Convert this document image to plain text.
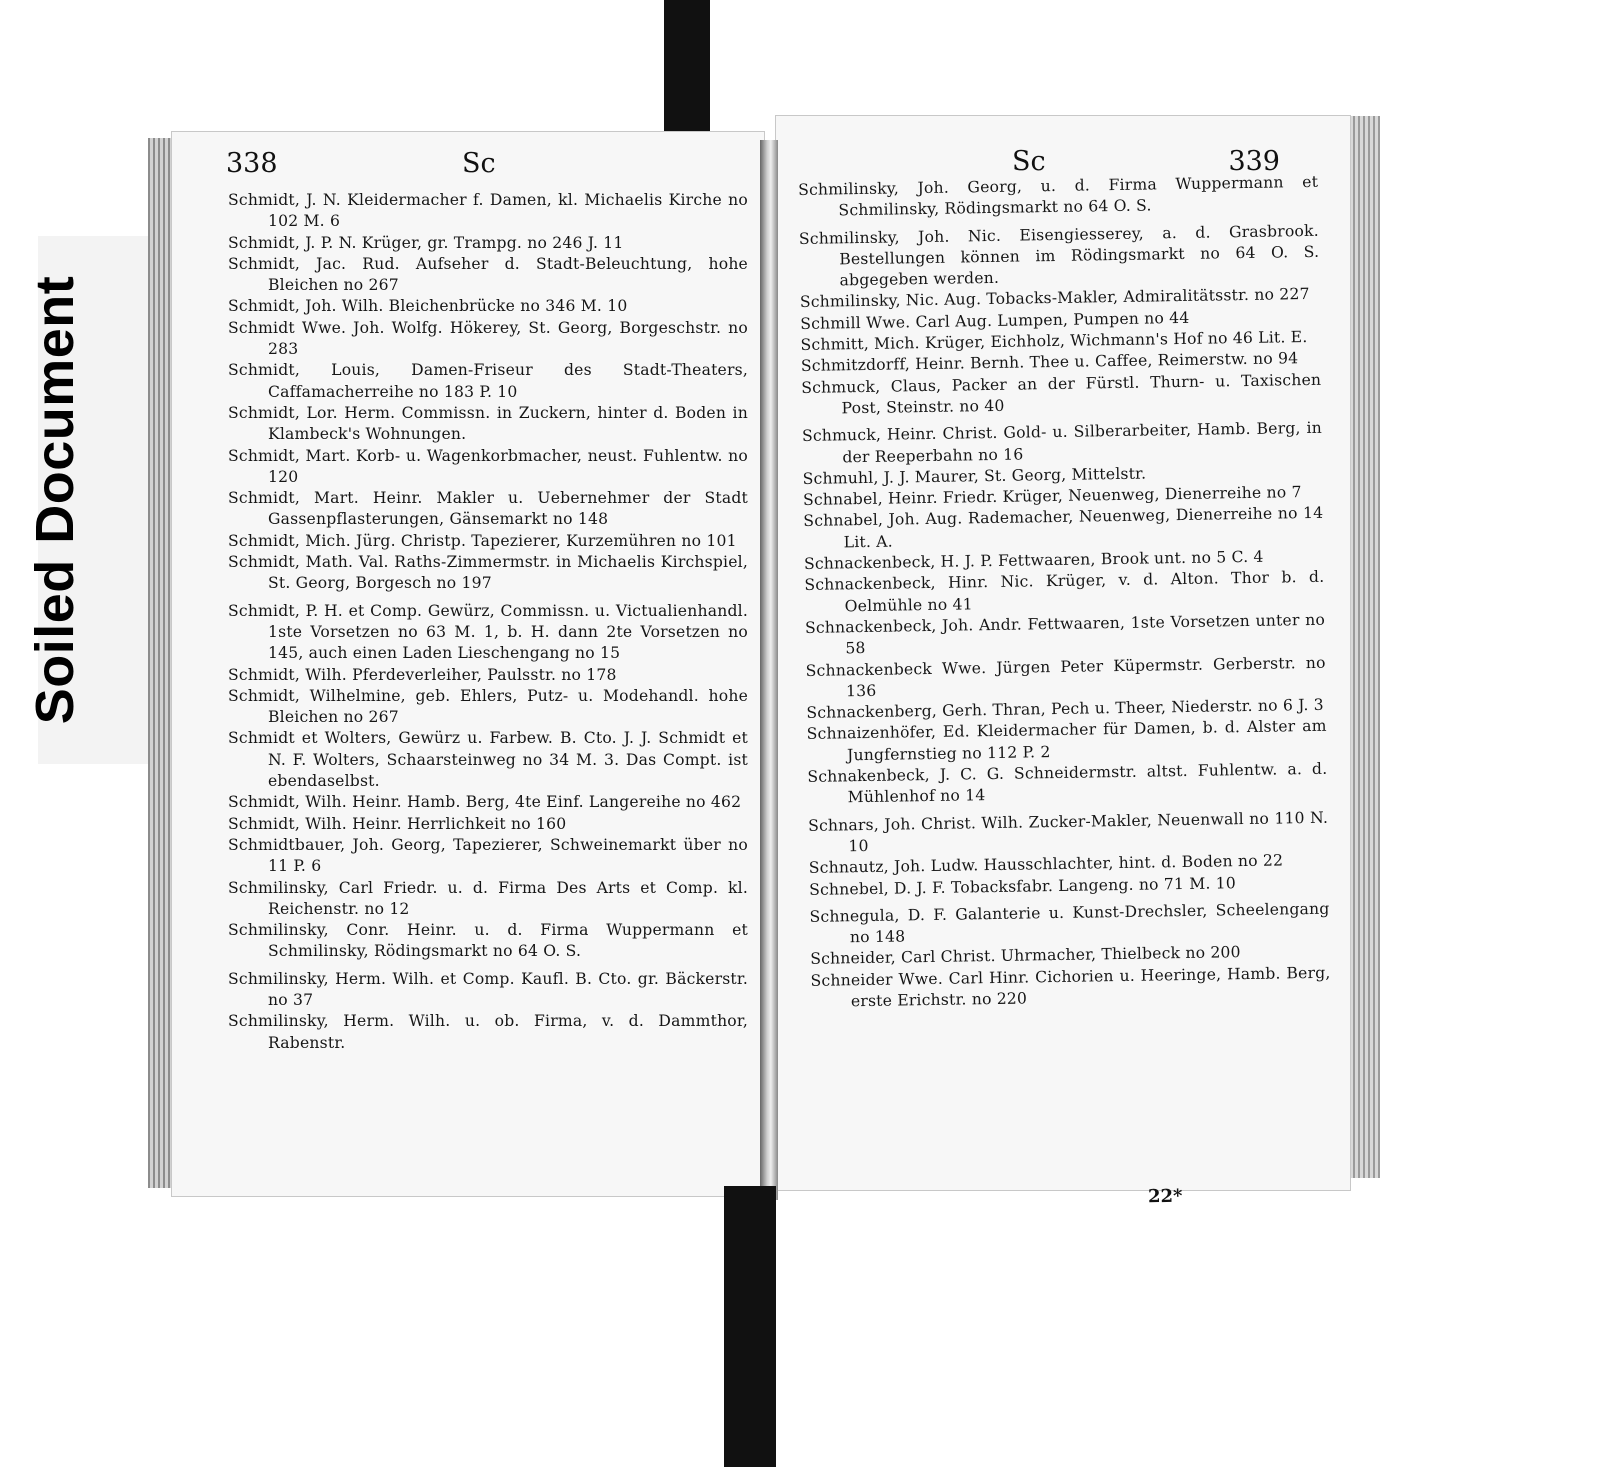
Soiled Document
338	Sc
Schmidt, J. N. Kleidermacher f. Damen, kl. Michaelis Kirche no 102 M. 6
Schmidt, J. P. N. Krüger, gr. Trampg. no 246 J. 11
Schmidt, Jac. Rud. Aufseher d. Stadt-Beleuchtung, hohe Bleichen no 267
Schmidt, Joh. Wilh. Bleichenbrücke no 346 M. 10
Schmidt Wwe. Joh. Wolfg. Hökerey, St. Georg, Borgeschstr. no 283
Schmidt, Louis, Damen-Friseur des Stadt-Theaters, Caffamacherreihe no 183 P. 10
Schmidt, Lor. Herm. Commissn. in Zuckern, hinter d. Boden in Klambeck's Wohnungen.
Schmidt, Mart. Korb- u. Wagenkorbmacher, neust. Fuhlentw. no 120
Schmidt, Mart. Heinr. Makler u. Uebernehmer der Stadt Gassenpflasterungen, Gänsemarkt no 148
Schmidt, Mich. Jürg. Christp. Tapezierer, Kurzemühren no 101
Schmidt, Math. Val. Raths-Zimmermstr. in Michaelis Kirchspiel, St. Georg, Borgesch no 197
Schmidt, P. H. et Comp. Gewürz, Commissn. u. Victualienhandl. 1ste Vorsetzen no 63 M. 1, b. H. dann 2te Vorsetzen no 145, auch einen Laden Lieschengang no 15
Schmidt, Wilh. Pferdeverleiher, Paulsstr. no 178
Schmidt, Wilhelmine, geb. Ehlers, Putz- u. Modehandl. hohe Bleichen no 267
Schmidt et Wolters, Gewürz u. Farbew. B. Cto. J. J. Schmidt et N. F. Wolters, Schaarsteinweg no 34 M. 3. Das Compt. ist ebendaselbst.
Schmidt, Wilh. Heinr. Hamb. Berg, 4te Einf. Langereihe no 462
Schmidt, Wilh. Heinr. Herrlichkeit no 160
Schmidtbauer, Joh. Georg, Tapezierer, Schweinemarkt über no 11 P. 6
Schmilinsky, Carl Friedr. u. d. Firma Des Arts et Comp. kl. Reichenstr. no 12
Schmilinsky, Conr. Heinr. u. d. Firma Wuppermann et Schmilinsky, Rödingsmarkt no 64 O. S.
Schmilinsky, Herm. Wilh. et Comp. Kaufl. B. Cto. gr. Bäckerstr. no 37
Schmilinsky, Herm. Wilh. u. ob. Firma, v. d. Dammthor, Rabenstr.
Sc	339
Schmilinsky, Joh. Georg, u. d. Firma Wuppermann et Schmilinsky, Rödingsmarkt no 64 O. S.
Schmilinsky, Joh. Nic. Eisengiesserey, a. d. Grasbrook. Bestellungen können im Rödingsmarkt no 64 O. S. abgegeben werden.
Schmilinsky, Nic. Aug. Tobacks-Makler, Admiralitätsstr. no 227
Schmill Wwe. Carl Aug. Lumpen, Pumpen no 44
Schmitt, Mich. Krüger, Eichholz, Wichmann's Hof no 46 Lit. E.
Schmitzdorff, Heinr. Bernh. Thee u. Caffee, Reimerstw. no 94
Schmuck, Claus, Packer an der Fürstl. Thurn- u. Taxischen Post, Steinstr. no 40
Schmuck, Heinr. Christ. Gold- u. Silberarbeiter, Hamb. Berg, in der Reeperbahn no 16
Schmuhl, J. J. Maurer, St. Georg, Mittelstr.
Schnabel, Heinr. Friedr. Krüger, Neuenweg, Dienerreihe no 7
Schnabel, Joh. Aug. Rademacher, Neuenweg, Dienerreihe no 14 Lit. A.
Schnackenbeck, H. J. P. Fettwaaren, Brook unt. no 5 C. 4
Schnackenbeck, Hinr. Nic. Krüger, v. d. Alton. Thor b. d. Oelmühle no 41
Schnackenbeck, Joh. Andr. Fettwaaren, 1ste Vorsetzen unter no 58
Schnackenbeck Wwe. Jürgen Peter Küpermstr. Gerberstr. no 136
Schnackenberg, Gerh. Thran, Pech u. Theer, Niederstr. no 6 J. 3
Schnaizenhöfer, Ed. Kleidermacher für Damen, b. d. Alster am Jungfernstieg no 112 P. 2
Schnakenbeck, J. C. G. Schneidermstr. altst. Fuhlentw. a. d. Mühlenhof no 14
Schnars, Joh. Christ. Wilh. Zucker-Makler, Neuenwall no 110 N. 10
Schnautz, Joh. Ludw. Hausschlachter, hint. d. Boden no 22
Schnebel, D. J. F. Tobacksfabr. Langeng. no 71 M. 10
Schnegula, D. F. Galanterie u. Kunst-Drechsler, Scheelengang no 148
Schneider, Carl Christ. Uhrmacher, Thielbeck no 200
Schneider Wwe. Carl Hinr. Cichorien u. Heeringe, Hamb. Berg, erste Erichstr. no 220
22*
